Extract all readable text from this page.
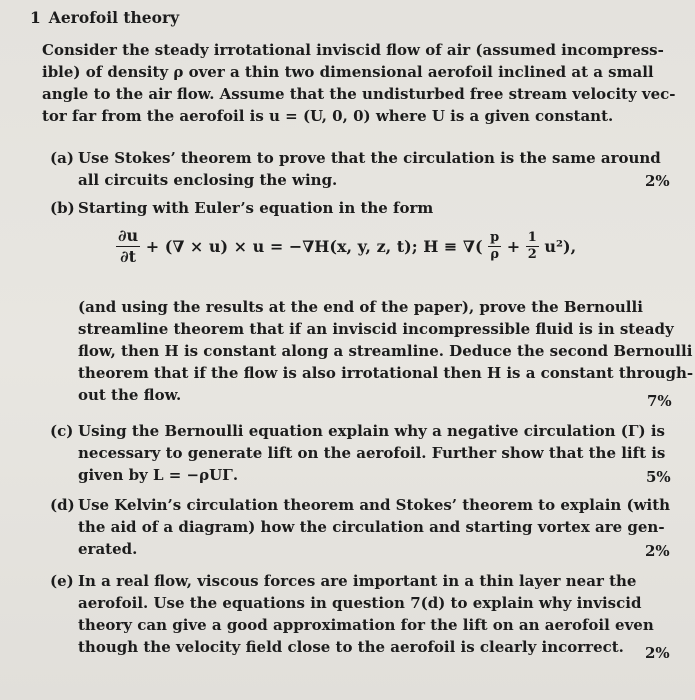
1 Aerofoil theory
Consider the steady irrotational inviscid flow of air (assumed incompress-
ible) of density ρ over a thin two dimensional aerofoil inclined at a small
angle to the air flow. Assume that the undisturbed free stream velocity vec-
tor far from the aerofoil is u = (U, 0, 0) where U is a given constant.
(a) Use Stokes’ theorem to prove that the circulation is the same around
all circuits enclosing the wing.	2%
(b) Starting with Euler’s equation in the form
$\frac{\partial u}{\partial t}$ + (∇ × u) × u = −∇H(x, y, z, t); H ≡ ∇( $\frac{p}{\rho} + \frac{1}{2} u^2$),
(and using the results at the end of the paper), prove the Bernoulli
streamline theorem that if an inviscid incompressible fluid is in steady
flow, then H is constant along a streamline. Deduce the second Bernoulli
theorem that if the flow is also irrotational then H is a constant through-
out the flow.	7%
(c) Using the Bernoulli equation explain why a negative circulation (Γ) is
necessary to generate lift on the aerofoil. Further show that the lift is
given by L = −ρUΓ.	5%
(d) Use Kelvin’s circulation theorem and Stokes’ theorem to explain (with
the aid of a diagram) how the circulation and starting vortex are gen-
erated.	2%
(e) In a real flow, viscous forces are important in a thin layer near the
aerofoil. Use the equations in question 7(d) to explain why inviscid
theory can give a good approximation for the lift on an aerofoil even
though the velocity field close to the aerofoil is clearly incorrect. 2%
